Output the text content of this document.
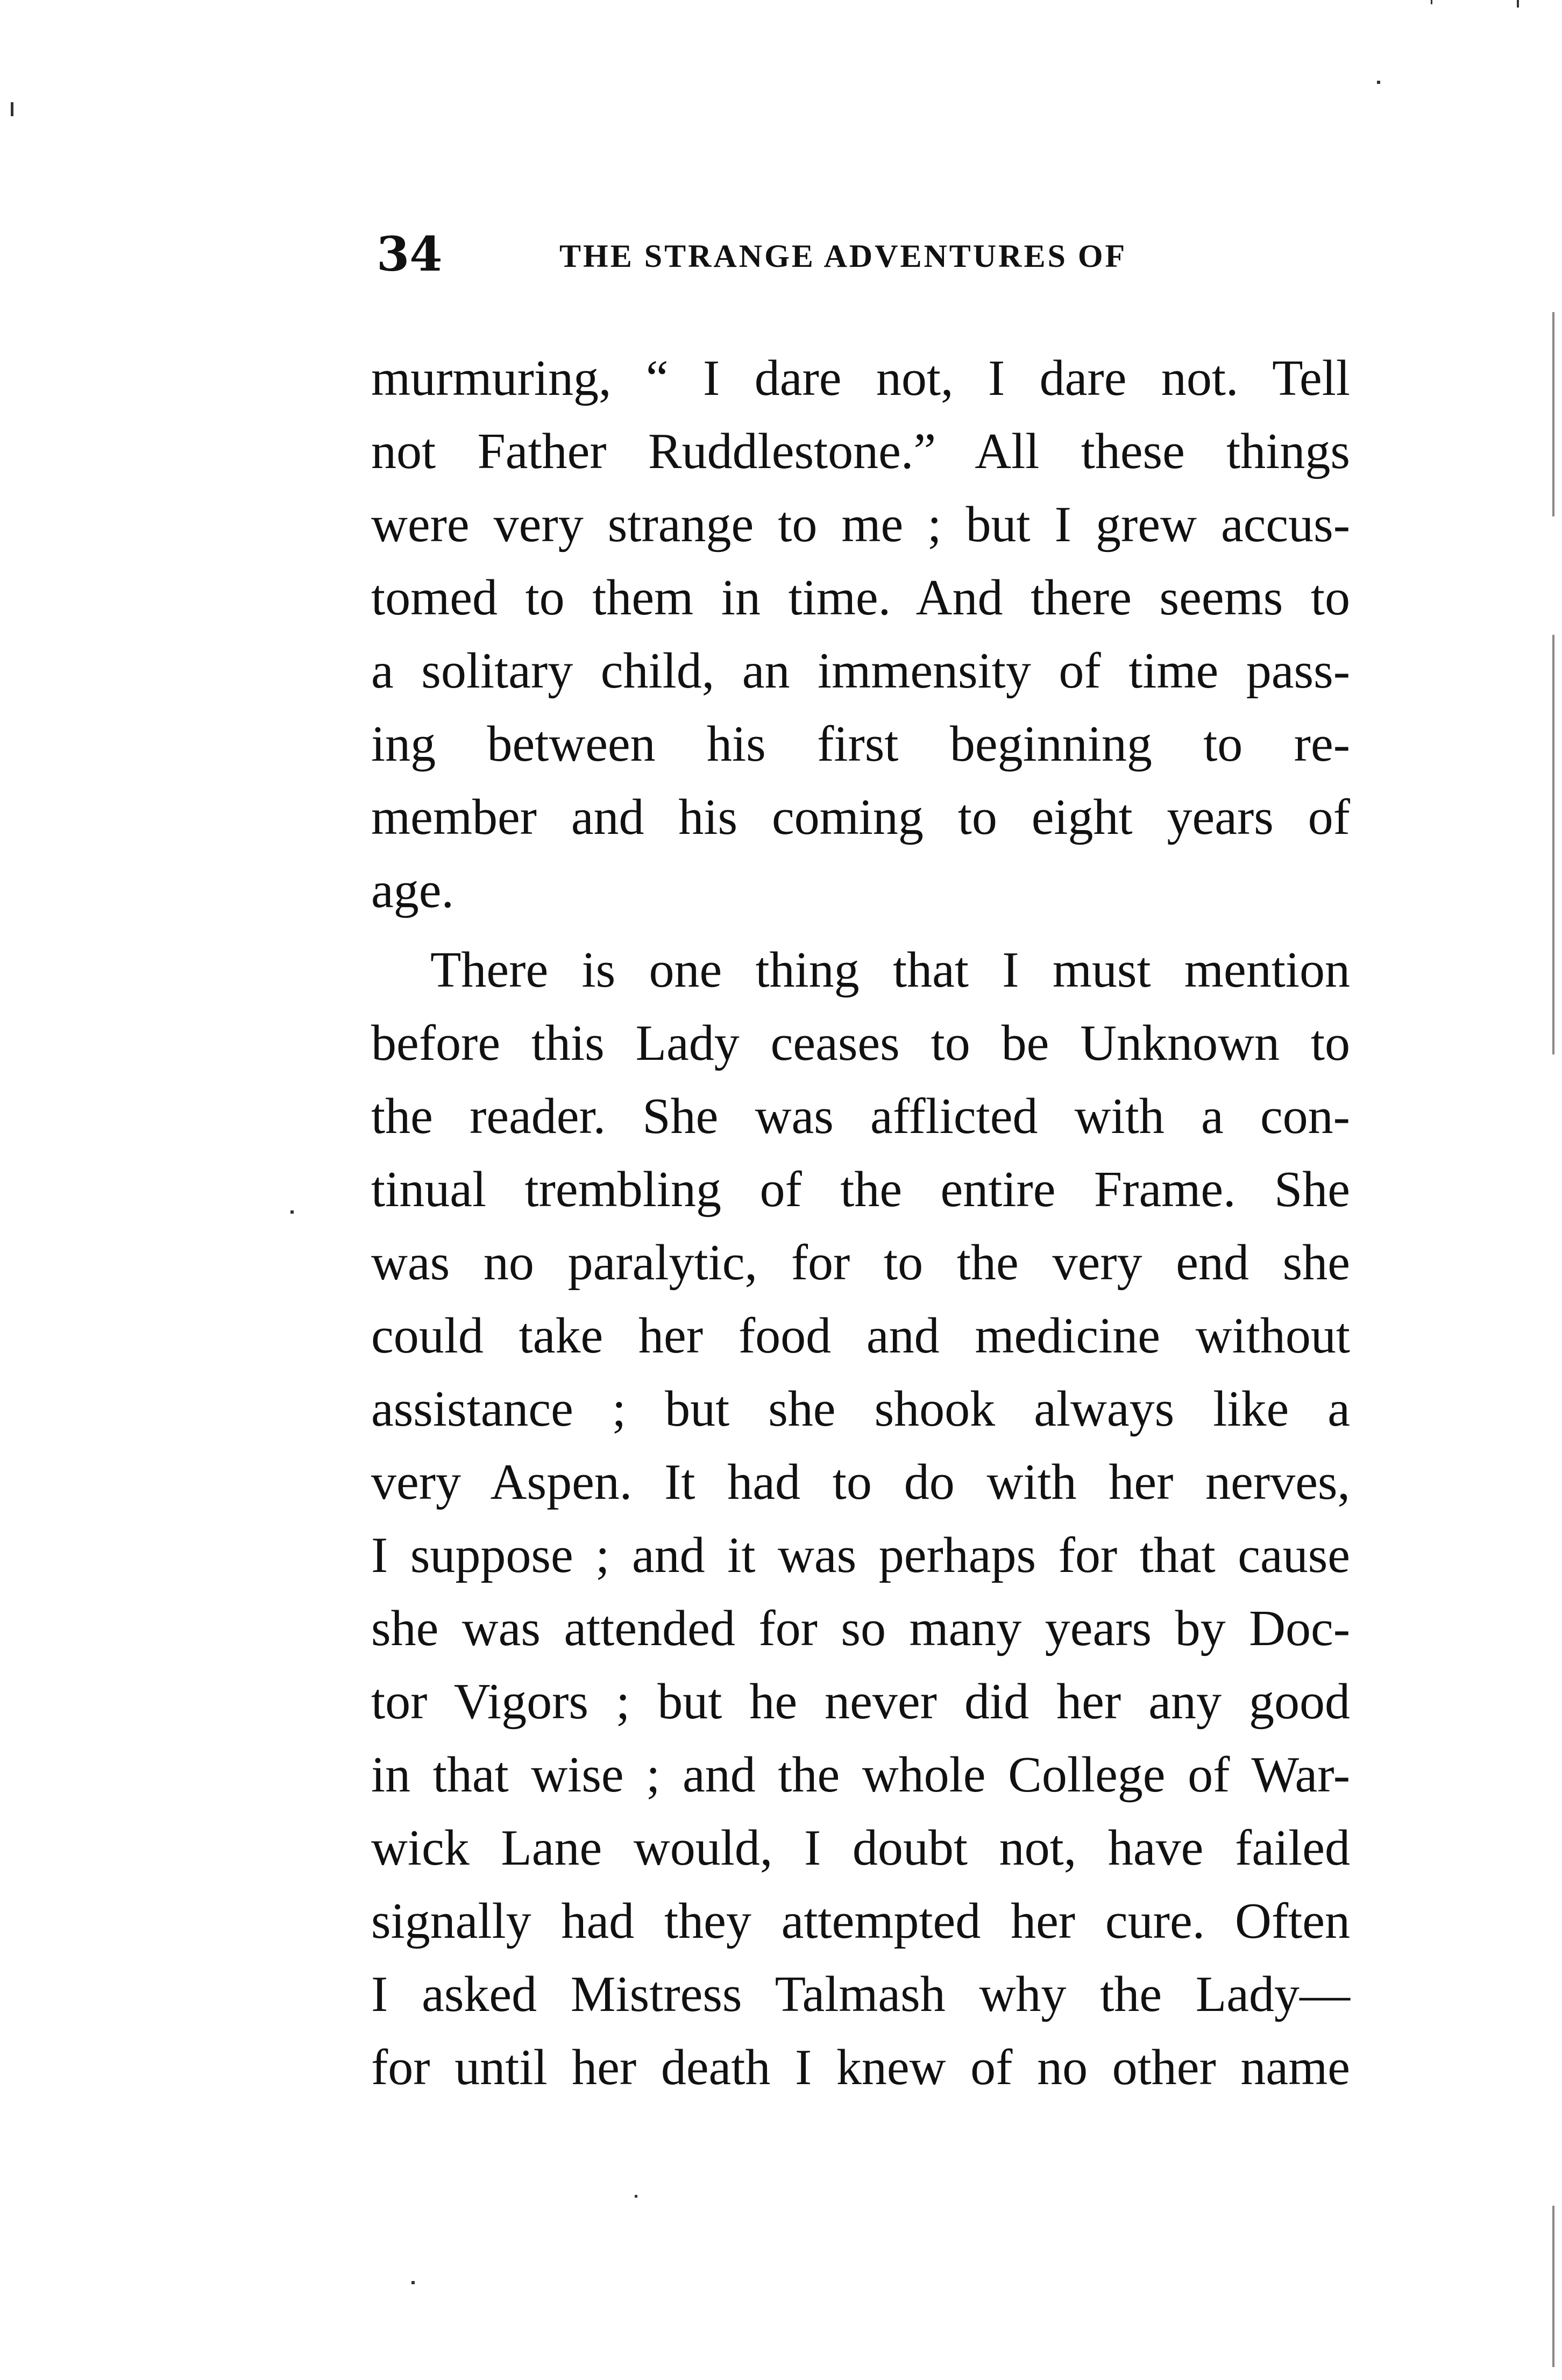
34	THE STRANGE ADVENTURES OF

murmuring, “ I dare not, I dare not. Tell
not Father Ruddlestone.” All these things
were very strange to me ; but I grew accus-
tomed to them in time. And there seems to
a solitary child, an immensity of time pass-
ing between his first beginning to re-
member and his coming to eight years of
age.

There is one thing that I must mention
before this Lady ceases to be Unknown to
the reader. She was afflicted with a con-
tinual trembling of the entire Frame. She
was no paralytic, for to the very end she
could take her food and medicine without
assistance ; but she shook always like a
very Aspen. It had to do with her nerves,
I suppose ; and it was perhaps for that cause
she was attended for so many years by Doc-
tor Vigors ; but he never did her any good
in that wise ; and the whole College of War-
wick Lane would, I doubt not, have failed
signally had they attempted her cure. Often
I asked Mistress Talmash why the Lady—
for until her death I knew of no other name
